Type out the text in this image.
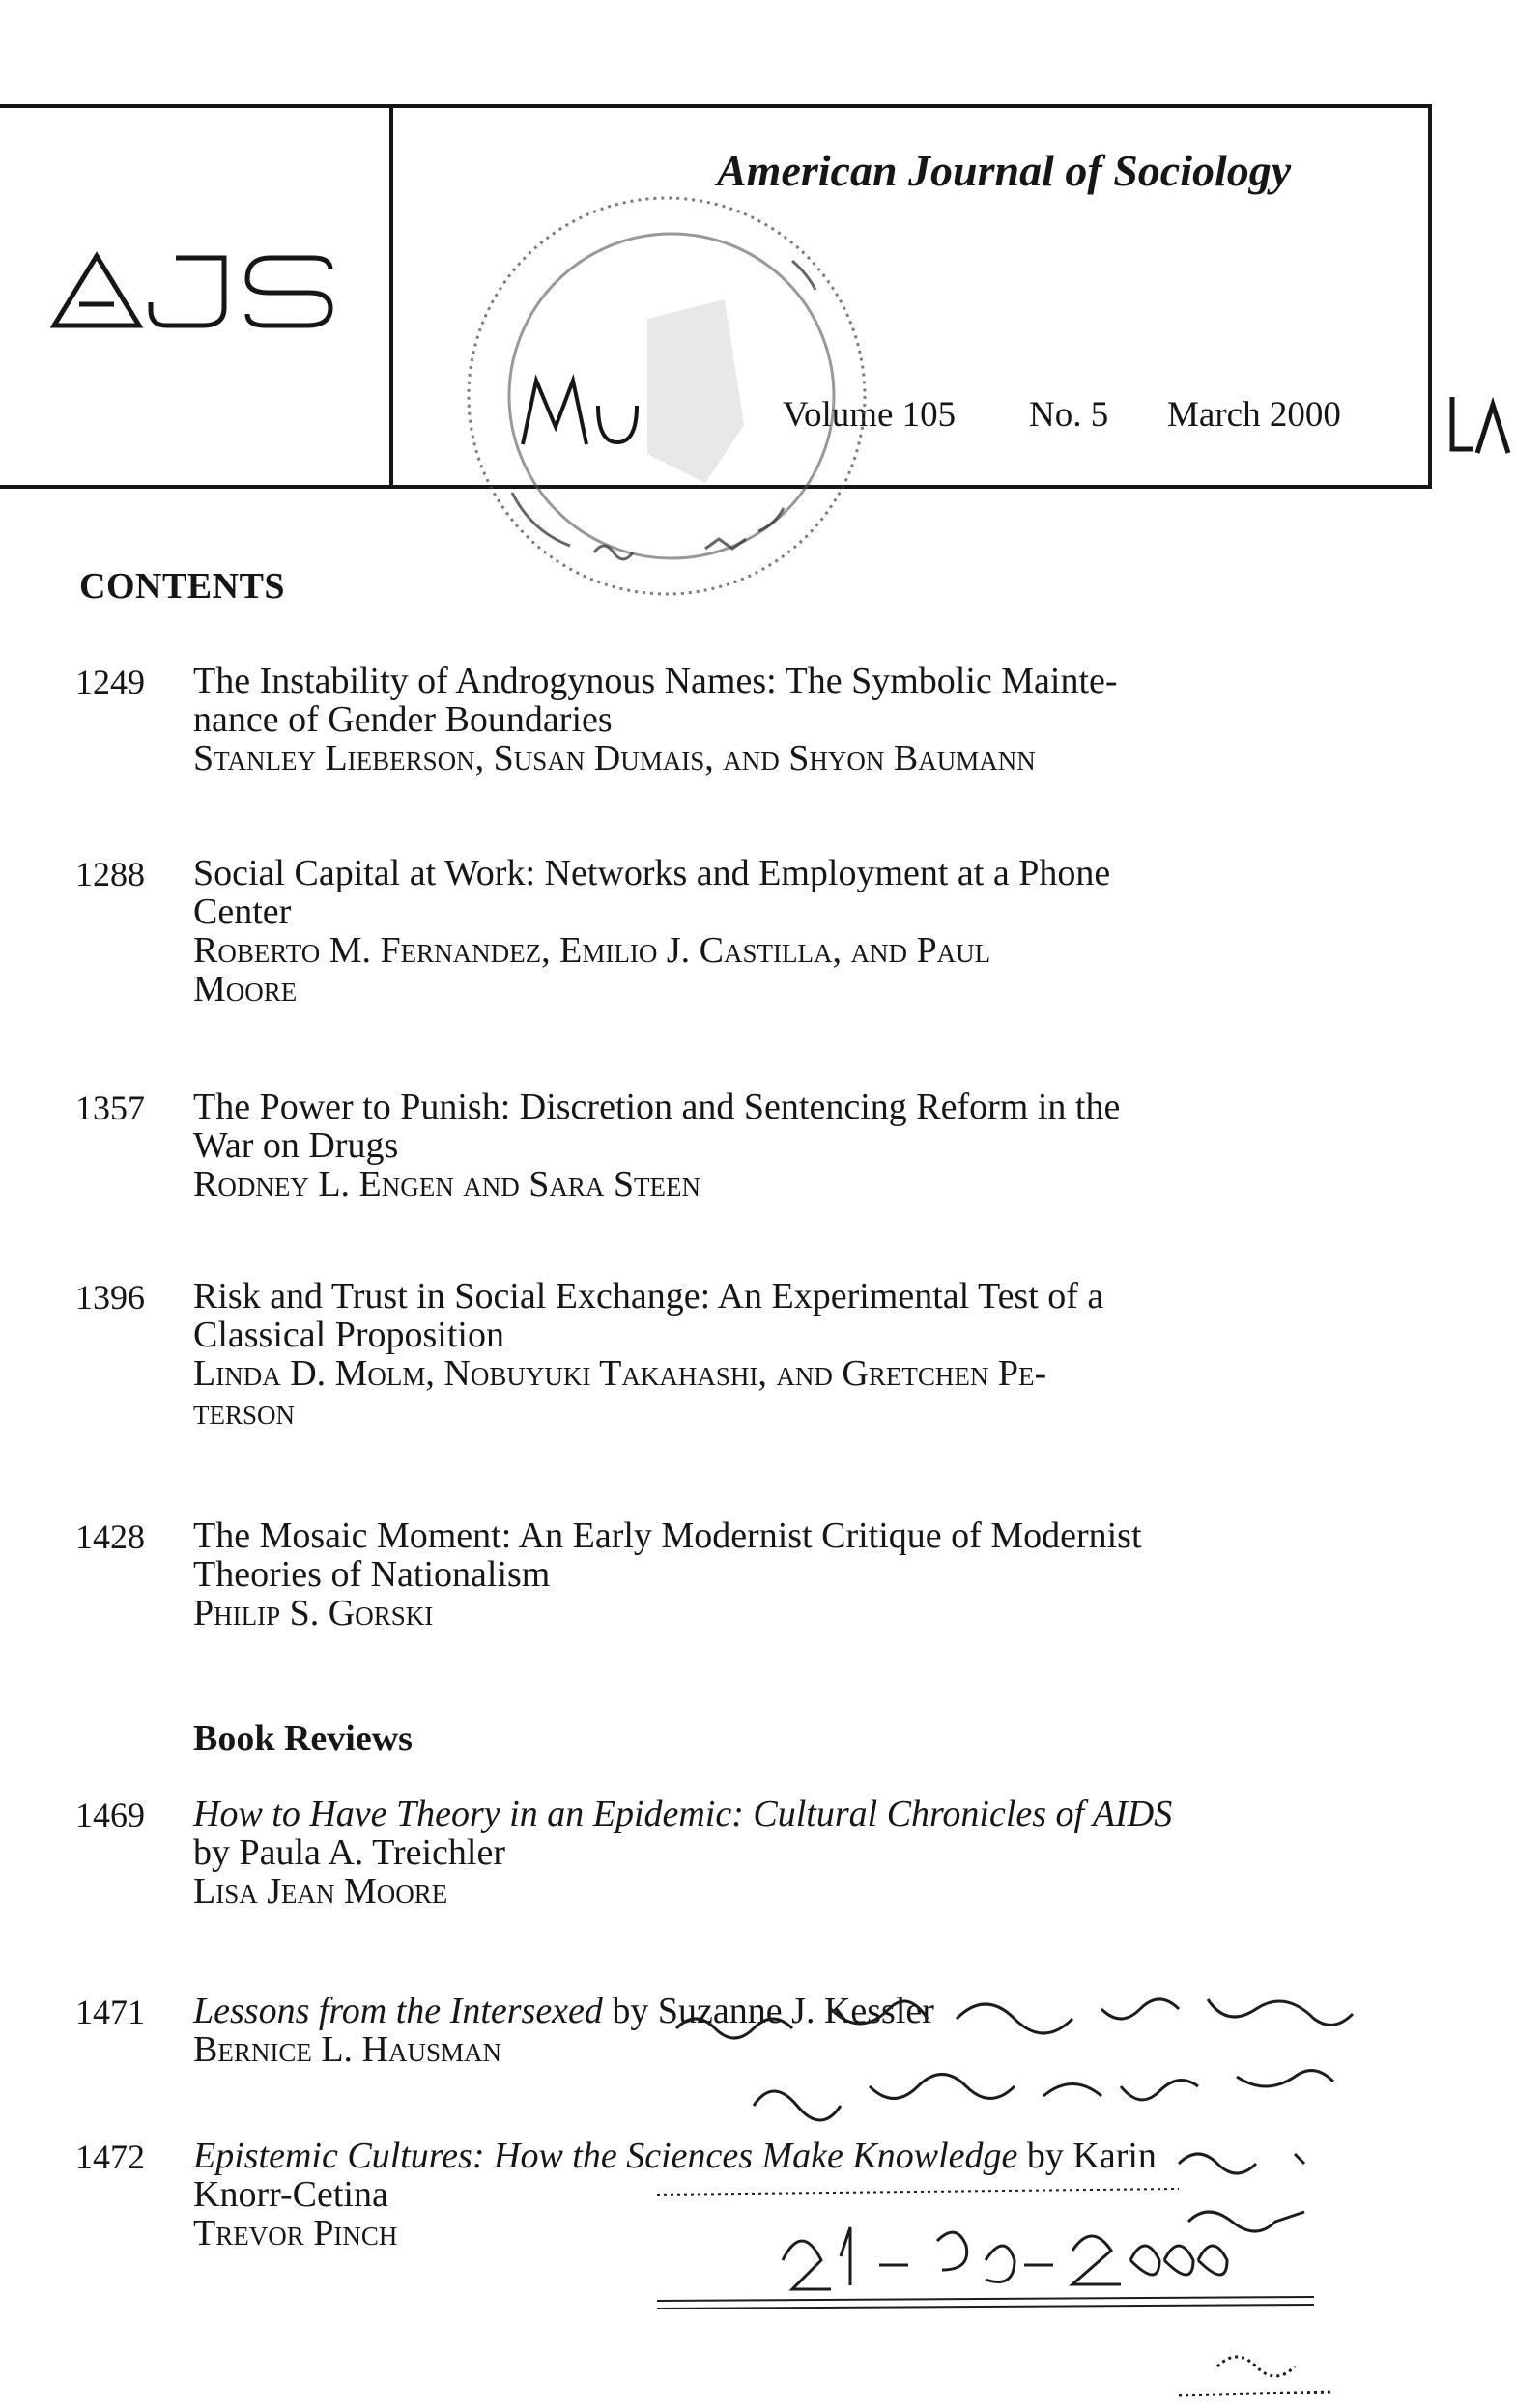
American Journal of Sociology
Volume 105 No. 5 March 2000
CONTENTS
1249 The Instability of Androgynous Names: The Symbolic Mainte-
nance of Gender Boundaries
Stanley Lieberson, Susan Dumais, and Shyon Baumann
1288 Social Capital at Work: Networks and Employment at a Phone
Center
Roberto M. Fernandez, Emilio J. Castilla, and Paul
Moore
1357 The Power to Punish: Discretion and Sentencing Reform in the
War on Drugs
Rodney L. Engen and Sara Steen
1396 Risk and Trust in Social Exchange: An Experimental Test of a
Classical Proposition
Linda D. Molm, Nobuyuki Takahashi, and Gretchen Pe-
terson
1428 The Mosaic Moment: An Early Modernist Critique of Modernist
Theories of Nationalism
Philip S. Gorski
Book Reviews
1469 How to Have Theory in an Epidemic: Cultural Chronicles of AIDS
by Paula A. Treichler
Lisa Jean Moore
1471 Lessons from the Intersexed by Suzanne J. Kessler
Bernice L. Hausman
1472 Epistemic Cultures: How the Sciences Make Knowledge by Karin
Knorr-Cetina
Trevor Pinch
